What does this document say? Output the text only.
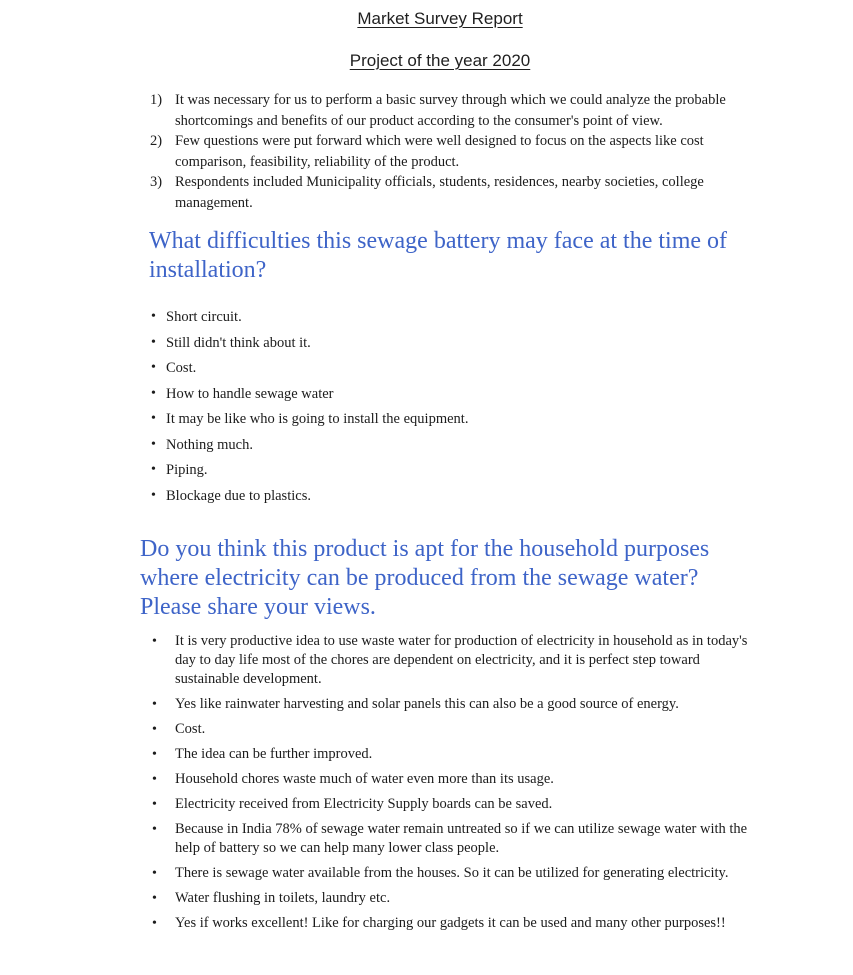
Market Survey Report
Project of the year 2020
It was necessary for us to perform a basic survey through which we could analyze the probable shortcomings and benefits of our product according to the consumer's point of view.
Few questions were put forward which were well designed to focus on the aspects like cost comparison, feasibility, reliability of the product.
Respondents included Municipality officials, students, residences, nearby societies, college management.
What difficulties this sewage battery may face at the time of installation?
• Short circuit.
• Still didn't think about it.
• Cost.
• How to handle sewage water
• It may be like who is going to install the equipment.
• Nothing much.
• Piping.
• Blockage due to plastics.
Do you think this product is apt for the household purposes where electricity can be produced from the sewage water? Please share your views.
• It is very productive idea to use waste water for production of electricity in household as in today's day to day life most of the chores are dependent on electricity, and it is perfect step toward sustainable development.
• Yes like rainwater harvesting and solar panels this can also be a good source of energy.
• Cost.
• The idea can be further improved.
• Household chores waste much of water even more than its usage.
• Electricity received from Electricity Supply boards can be saved.
• Because in India 78% of sewage water remain untreated so if we can utilize sewage water with the help of battery so we can help many lower class people.
• There is sewage water available from the houses. So it can be utilized for generating electricity.
• Water flushing in toilets, laundry etc.
• Yes if works excellent! Like for charging our gadgets it can be used and many other purposes!!
